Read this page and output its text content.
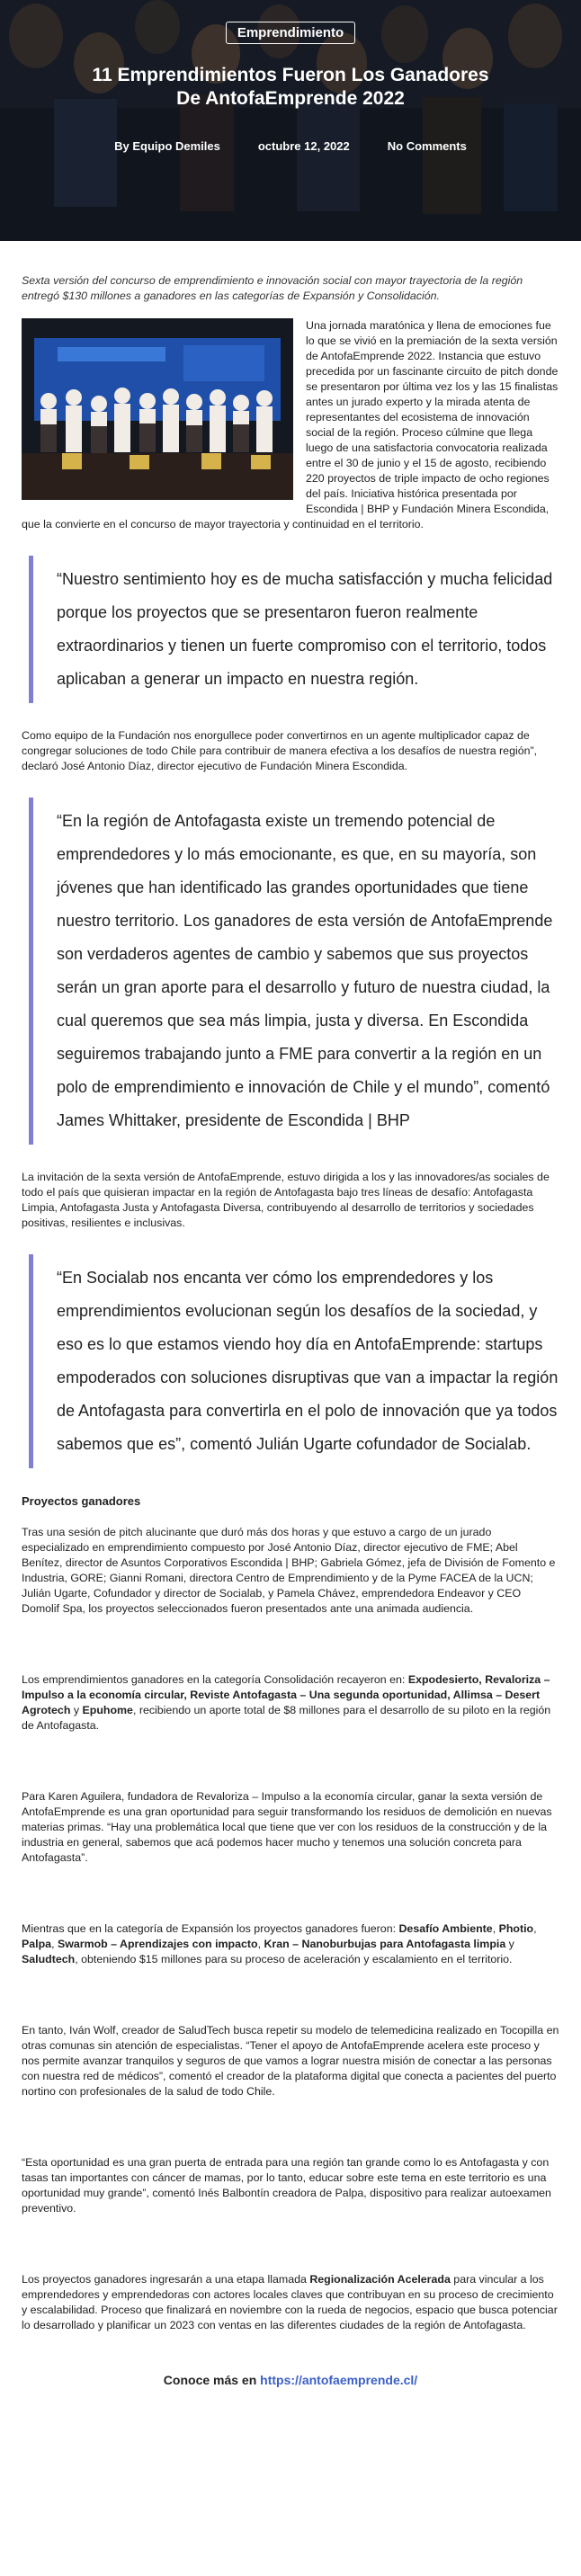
Emprendimiento
11 Emprendimientos Fueron Los Ganadores De AntofaEmprende 2022
By Equipo Demiles	octubre 12, 2022	No Comments

Sexta versión del concurso de emprendimiento e innovación social con mayor trayectoria de la región entregó $130 millones a ganadores en las categorías de Expansión y Consolidación.

Una jornada maratónica y llena de emociones fue lo que se vivió en la premiación de la sexta versión de AntofaEmprende 2022. Instancia que estuvo precedida por un fascinante circuito de pitch donde se presentaron por última vez los y las 15 finalistas antes un jurado experto y la mirada atenta de representantes del ecosistema de innovación social de la región. Proceso cúlmine que llega luego de una satisfactoria convocatoria realizada entre el 30 de junio y el 15 de agosto, recibiendo 220 proyectos de triple impacto de ocho regiones del país. Iniciativa histórica presentada por Escondida | BHP y Fundación Minera Escondida, que la convierte en el concurso de mayor trayectoria y continuidad en el territorio.

“Nuestro sentimiento hoy es de mucha satisfacción y mucha felicidad porque los proyectos que se presentaron fueron realmente extraordinarios y tienen un fuerte compromiso con el territorio, todos aplicaban a generar un impacto en nuestra región.

Como equipo de la Fundación nos enorgullece poder convertirnos en un agente multiplicador capaz de congregar soluciones de todo Chile para contribuir de manera efectiva a los desafíos de nuestra región”, declaró José Antonio Díaz, director ejecutivo de Fundación Minera Escondida.

“En la región de Antofagasta existe un tremendo potencial de emprendedores y lo más emocionante, es que, en su mayoría, son jóvenes que han identificado las grandes oportunidades que tiene nuestro territorio. Los ganadores de esta versión de AntofaEmprende son verdaderos agentes de cambio y sabemos que sus proyectos serán un gran aporte para el desarrollo y futuro de nuestra ciudad, la cual queremos que sea más limpia, justa y diversa. En Escondida seguiremos trabajando junto a FME para convertir a la región en un polo de emprendimiento e innovación de Chile y el mundo”, comentó James Whittaker, presidente de Escondida | BHP

La invitación de la sexta versión de AntofaEmprende, estuvo dirigida a los y las innovadores/as sociales de todo el país que quisieran impactar en la región de Antofagasta bajo tres líneas de desafío: Antofagasta Limpia, Antofagasta Justa y Antofagasta Diversa, contribuyendo al desarrollo de territorios y sociedades positivas, resilientes e inclusivas.

“En Socialab nos encanta ver cómo los emprendedores y los emprendimientos evolucionan según los desafíos de la sociedad, y eso es lo que estamos viendo hoy día en AntofaEmprende: startups empoderados con soluciones disruptivas que van a impactar la región de Antofagasta para convertirla en el polo de innovación que ya todos sabemos que es”, comentó Julián Ugarte cofundador de Socialab.
Proyectos ganadores

Tras una sesión de pitch alucinante que duró más dos horas y que estuvo a cargo de un jurado especializado en emprendimiento compuesto por José Antonio Díaz, director ejecutivo de FME; Abel Benítez, director de Asuntos Corporativos Escondida | BHP; Gabriela Gómez, jefa de División de Fomento e Industria, GORE; Gianni Romani, directora Centro de Emprendimiento y de la Pyme FACEA de la UCN; Julián Ugarte, Cofundador y director de Socialab, y Pamela Chávez, emprendedora Endeavor y CEO Domolif Spa, los proyectos seleccionados fueron presentados ante una animada audiencia.

Los emprendimientos ganadores en la categoría Consolidación recayeron en: Expodesierto, Revalorizа – Impulso a la economía circular, Reviste Antofagasta – Una segunda oportunidad, Allimsa – Desert Agrotech y Epuhome, recibiendo un aporte total de $8 millones para el desarrollo de su piloto en la región de Antofagasta.

Para Karen Aguilera, fundadora de Revaloriza – Impulso a la economía circular, ganar la sexta versión de AntofaEmprende es una gran oportunidad para seguir transformando los residuos de demolición en nuevas materias primas. “Hay una problemática local que tiene que ver con los residuos de la construcción y de la industria en general, sabemos que acá podemos hacer mucho y tenemos una solución concreta para Antofagasta”.

Mientras que en la categoría de Expansión los proyectos ganadores fueron: Desafío Ambiente, Photio, Palpa, Swarmob – Aprendizajes con impacto, Kran – Nanoburbujas para Antofagasta limpia y Saludtech, obteniendo $15 millones para su proceso de aceleración y escalamiento en el territorio.

En tanto, Iván Wolf, creador de SaludTech busca repetir su modelo de telemedicina realizado en Tocopilla en otras comunas sin atención de especialistas. “Tener el apoyo de AntofaEmprende acelera este proceso y nos permite avanzar tranquilos y seguros de que vamos a lograr nuestra misión de conectar a las personas con nuestra red de médicos”, comentó el creador de la plataforma digital que conecta a pacientes del puerto nortino con profesionales de la salud de todo Chile.

“Esta oportunidad es una gran puerta de entrada para una región tan grande como lo es Antofagasta y con tasas tan importantes con cáncer de mamas, por lo tanto, educar sobre este tema en este territorio es una oportunidad muy grande”, comentó Inés Balbontín creadora de Palpa, dispositivo para realizar autoexamen preventivo.

Los proyectos ganadores ingresarán a una etapa llamada Regionalización Acelerada para vincular a los emprendedores y emprendedoras con actores locales claves que contribuyan en su proceso de crecimiento y escalabilidad. Proceso que finalizará en noviembre con la rueda de negocios, espacio que busca potenciar lo desarrollado y planificar un 2023 con ventas en las diferentes ciudades de la región de Antofagasta.

Conoce más en https://antofaemprende.cl/
